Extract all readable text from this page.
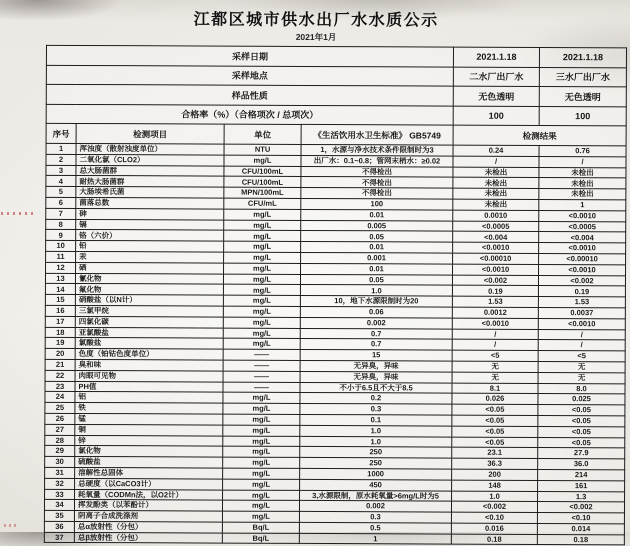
江都区城市供水出厂水水质公示
2021年1月
采样日期				2021.1.18	2021.1.18
采样地点				二水厂出厂水	三水厂出厂水
样品性质				无色透明	无色透明
合格率（%）（合格项次 / 总项次）				100	100
序号	检测项目	单位	《生活饮用水卫生标准》 GB5749	检测结果	
1	浑浊度（散射浊度单位）	NTU	1，水源与净水技术条件限制时为3	0.24	0.76
2	二氧化氯（CLO2）	mg/L	出厂水：0.1~0.8；管网末梢水：≥0.02	/	/
3	总大肠菌群	CFU/100mL	不得检出	未检出	未检出
4	耐热大肠菌群	CFU/100mL	不得检出	未检出	未检出
5	大肠埃希氏菌	MPN/100mL	不得检出	未检出	未检出
6	菌落总数	CFU/mL	100	未检出	1
7	砷	mg/L	0.01	0.0010	<0.0010
8	镉	mg/L	0.005	<0.0005	<0.0005
9	铬（六价）	mg/L	0.05	<0.004	<0.004
10	铅	mg/L	0.01	<0.0010	<0.0010
11	汞	mg/L	0.001	<0.00010	<0.00010
12	硒	mg/L	0.01	<0.0010	<0.0010
13	氰化物	mg/L	0.05	<0.002	<0.002
14	氟化物	mg/L	1.0	0.19	0.19
15	硝酸盐（以N计）	mg/L	10，地下水源限制时为20	1.53	1.53
16	三氯甲烷	mg/L	0.06	0.0012	0.0037
17	四氯化碳	mg/L	0.002	<0.0010	<0.0010
18	亚氯酸盐	mg/L	0.7	/	/
19	氯酸盐	mg/L	0.7	/	/
20	色度（铂钴色度单位）	——	15	<5	<5
21	臭和味	——	无异臭，异味	无	无
22	肉眼可见物	——	无异臭，异味	无	无
23	PH值	——	不小于6.5且不大于8.5	8.1	8.0
24	铝	mg/L	0.2	0.026	0.025
25	铁	mg/L	0.3	<0.05	<0.05
26	锰	mg/L	0.1	<0.05	<0.05
27	铜	mg/L	1.0	<0.05	<0.05
28	锌	mg/L	1.0	<0.05	<0.05
29	氯化物	mg/L	250	23.1	27.9
30	硫酸盐	mg/L	250	36.3	36.0
31	溶解性总固体	mg/L	1000	200	214
32	总硬度（以CaCO3计）	mg/L	450	148	161
33	耗氧量（CODMn法，以O2计）	mg/L	3,水源限制，原水耗氧量>6mg/L时为5	1.0	1.3
34	挥发酚类（以苯酚计）	mg/L	0.002	<0.002	<0.002
35	阴离子合成洗涤剂	mg/L	0.3	<0.10	<0.10
36	总α放射性（分包）	Bq/L	0.5	0.016	0.014
37	总β放射性（分包）	Bq/L	1	0.18	0.18
